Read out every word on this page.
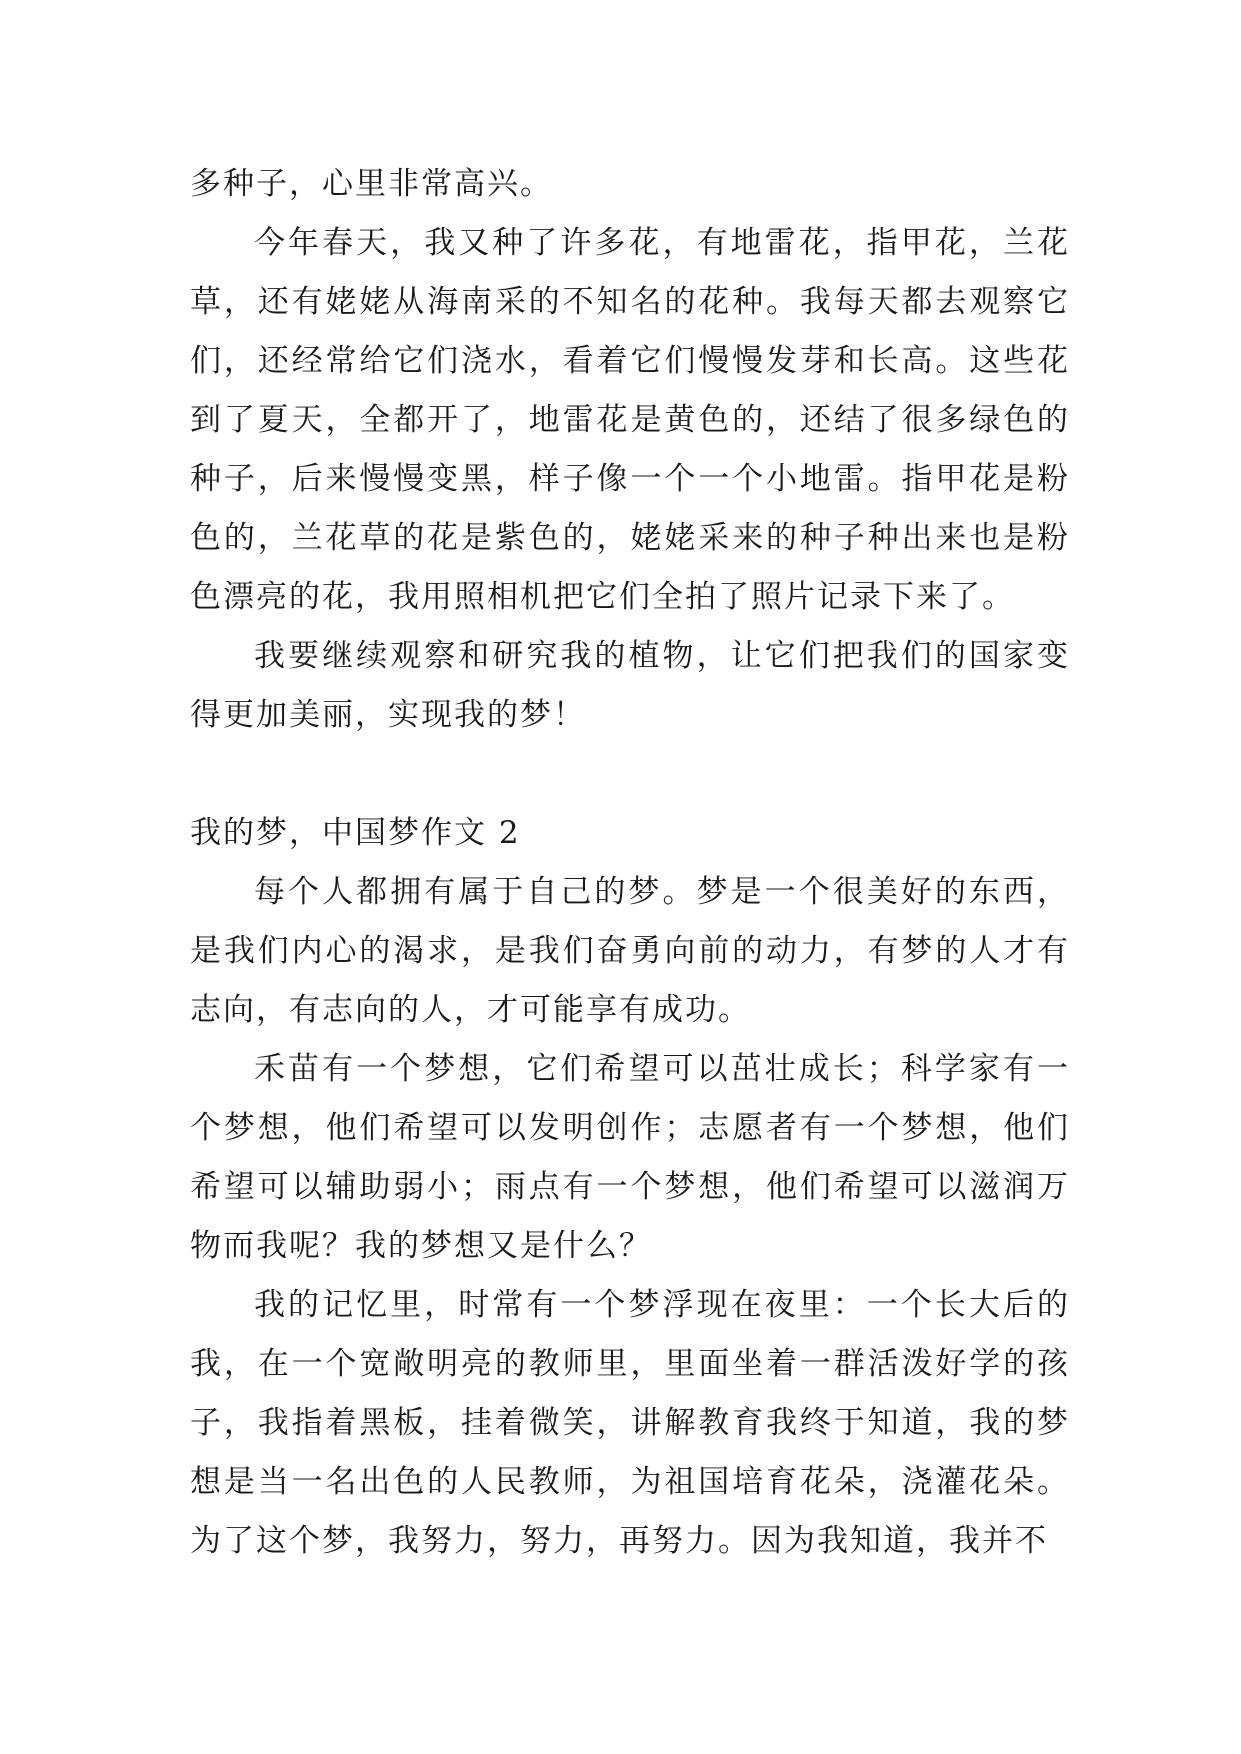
多种子，心里非常高兴。

今年春天，我又种了许多花，有地雷花，指甲花，兰花草，还有姥姥从海南采的不知名的花种。我每天都去观察它们，还经常给它们浇水，看着它们慢慢发芽和长高。这些花到了夏天，全都开了，地雷花是黄色的，还结了很多绿色的种子，后来慢慢变黑，样子像一个一个小地雷。指甲花是粉色的，兰花草的花是紫色的，姥姥采来的种子种出来也是粉色漂亮的花，我用照相机把它们全拍了照片记录下来了。

我要继续观察和研究我的植物，让它们把我们的国家变得更加美丽，实现我的梦！

我的梦，中国梦作文 2

每个人都拥有属于自己的梦。梦是一个很美好的东西，是我们内心的渴求，是我们奋勇向前的动力，有梦的人才有志向，有志向的人，才可能享有成功。

禾苗有一个梦想，它们希望可以茁壮成长；科学家有一个梦想，他们希望可以发明创作；志愿者有一个梦想，他们希望可以辅助弱小；雨点有一个梦想，他们希望可以滋润万物而我呢？我的梦想又是什么？

我的记忆里，时常有一个梦浮现在夜里：一个长大后的我，在一个宽敞明亮的教师里，里面坐着一群活泼好学的孩子，我指着黑板，挂着微笑，讲解教育我终于知道，我的梦想是当一名出色的人民教师，为祖国培育花朵，浇灌花朵。为了这个梦，我努力，努力，再努力。因为我知道，我并不
